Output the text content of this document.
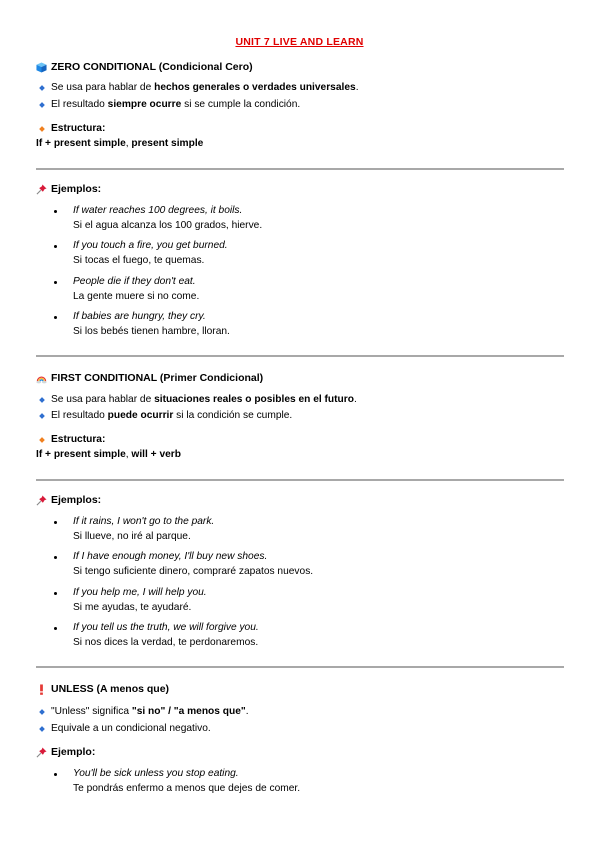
UNIT 7 LIVE AND LEARN
ZERO CONDITIONAL (Condicional Cero)
Se usa para hablar de
hechos generales o verdades universales .
El resultado
siempre ocurre
si se cumple la condición.
Estructura:
If + present simple, present simple
Ejemplos:
If water reaches 100 degrees, it boils.
Si el agua alcanza los 100 grados, hierve.
If you touch a fire, you get burned.
Si tocas el fuego, te quemas.
People die if they don't eat.
La gente muere si no come.
If babies are hungry, they cry.
Si los bebés tienen hambre, lloran.
FIRST CONDITIONAL (Primer Condicional)
Se usa para hablar de
situaciones reales o posibles en el futuro .
El resultado
puede ocurrir
si la condición se cumple.
Estructura:
If + present simple, will + verb
Ejemplos:
If it rains, I won't go to the park.
Si llueve, no iré al parque.
If I have enough money, I'll buy new shoes.
Si tengo suficiente dinero, compraré zapatos nuevos.
If you help me, I will help you.
Si me ayudas, te ayudaré.
If you tell us the truth, we will forgive you.
Si nos dices la verdad, te perdonaremos.
UNLESS (A menos que)
"Unless" significa
"si no" / "a menos que" .
Equivale a un condicional negativo.
Ejemplo:
You'll be sick unless you stop eating.
Te pondrás enfermo a menos que dejes de comer.
